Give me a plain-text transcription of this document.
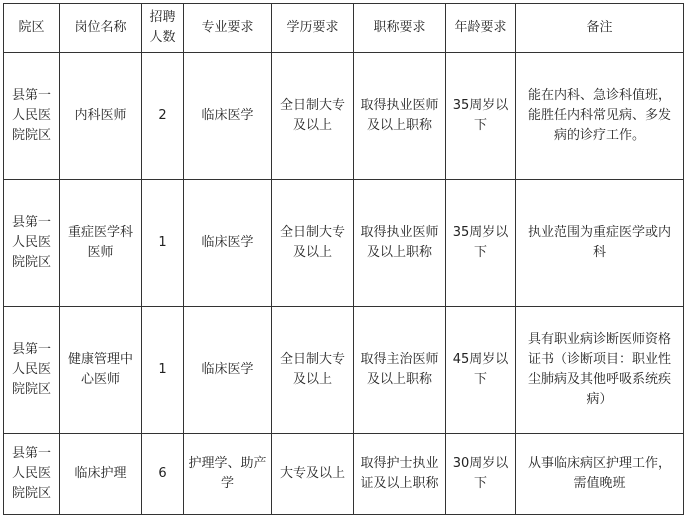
院区	岗位名称	招聘人数	专业要求	学历要求	职称要求	年龄要求	备注
县第一人民医院院区	内科医师	2	临床医学	全日制大专及以上	取得执业医师及以上职称	35周岁以下	能在内科、急诊科值班，能胜任内科常见病、多发病的诊疗工作。
县第一人民医院院区	重症医学科医师	1	临床医学	全日制大专及以上	取得执业医师及以上职称	35周岁以下	执业范围为重症医学或内科
县第一人民医院院区	健康管理中心医师	1	临床医学	全日制大专及以上	取得主治医师及以上职称	45周岁以下	具有职业病诊断医师资格证书（诊断项目：职业性尘肺病及其他呼吸系统疾病）
县第一人民医院院区	临床护理	6	护理学、助产学	大专及以上	取得护士执业证及以上职称	30周岁以下	从事临床病区护理工作，需值晚班
